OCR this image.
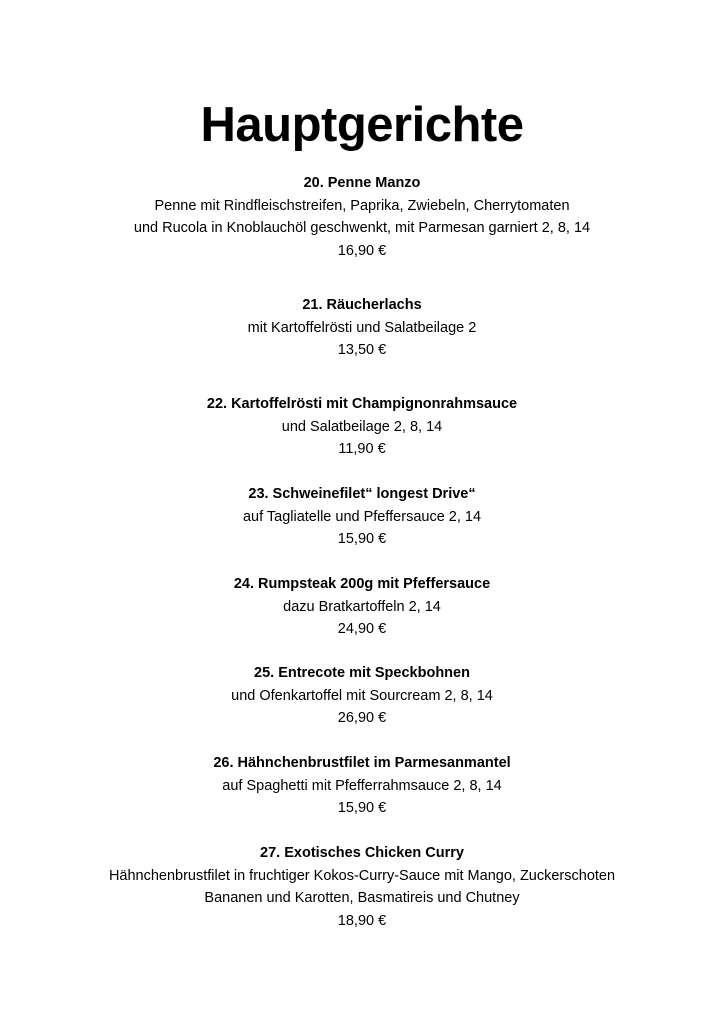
Hauptgerichte
20. Penne Manzo
Penne mit Rindfleischstreifen, Paprika, Zwiebeln, Cherrytomaten
und Rucola in Knoblauchöl geschwenkt, mit Parmesan garniert 2, 8, 14
16,90 €
21. Räucherlachs
mit Kartoffelrösti und Salatbeilage 2
13,50 €
22. Kartoffelrösti mit Champignonrahmsauce
und Salatbeilage 2, 8, 14
11,90 €
23. Schweinefilet“ longest Drive“
auf Tagliatelle und Pfeffersauce 2, 14
15,90 €
24. Rumpsteak 200g mit Pfeffersauce
dazu Bratkartoffeln 2, 14
24,90 €
25. Entrecote mit Speckbohnen
und Ofenkartoffel mit Sourcream 2, 8, 14
26,90 €
26. Hähnchenbrustfilet im Parmesanmantel
auf Spaghetti mit Pfefferrahmsauce 2, 8, 14
15,90 €
27. Exotisches Chicken Curry
Hähnchenbrustfilet in fruchtiger Kokos-Curry-Sauce mit Mango, Zuckerschoten
Bananen und Karotten, Basmatireis und Chutney
18,90 €
